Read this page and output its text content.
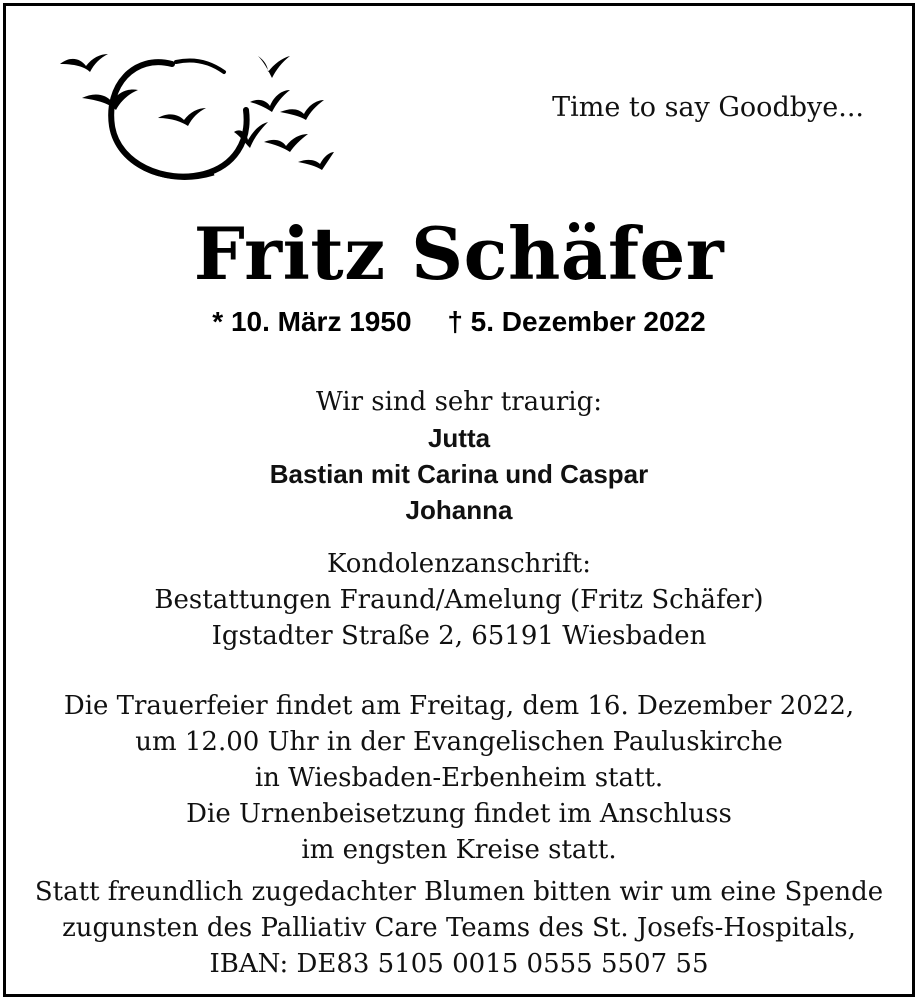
Time to say Goodbye...
Fritz Schäfer
* 10. März 1950 † 5. Dezember 2022
Wir sind sehr traurig:
Jutta
Bastian mit Carina und Caspar
Johanna
Kondolenzanschrift:
Bestattungen Fraund/Amelung (Fritz Schäfer)
Igstadter Straße 2, 65191 Wiesbaden
Die Trauerfeier findet am Freitag, dem 16. Dezember 2022,
um 12.00 Uhr in der Evangelischen Pauluskirche
in Wiesbaden-Erbenheim statt.
Die Urnenbeisetzung findet im Anschluss
im engsten Kreise statt.
Statt freundlich zugedachter Blumen bitten wir um eine Spende
zugunsten des Palliativ Care Teams des St. Josefs-Hospitals,
IBAN: DE83 5105 0015 0555 5507 55
